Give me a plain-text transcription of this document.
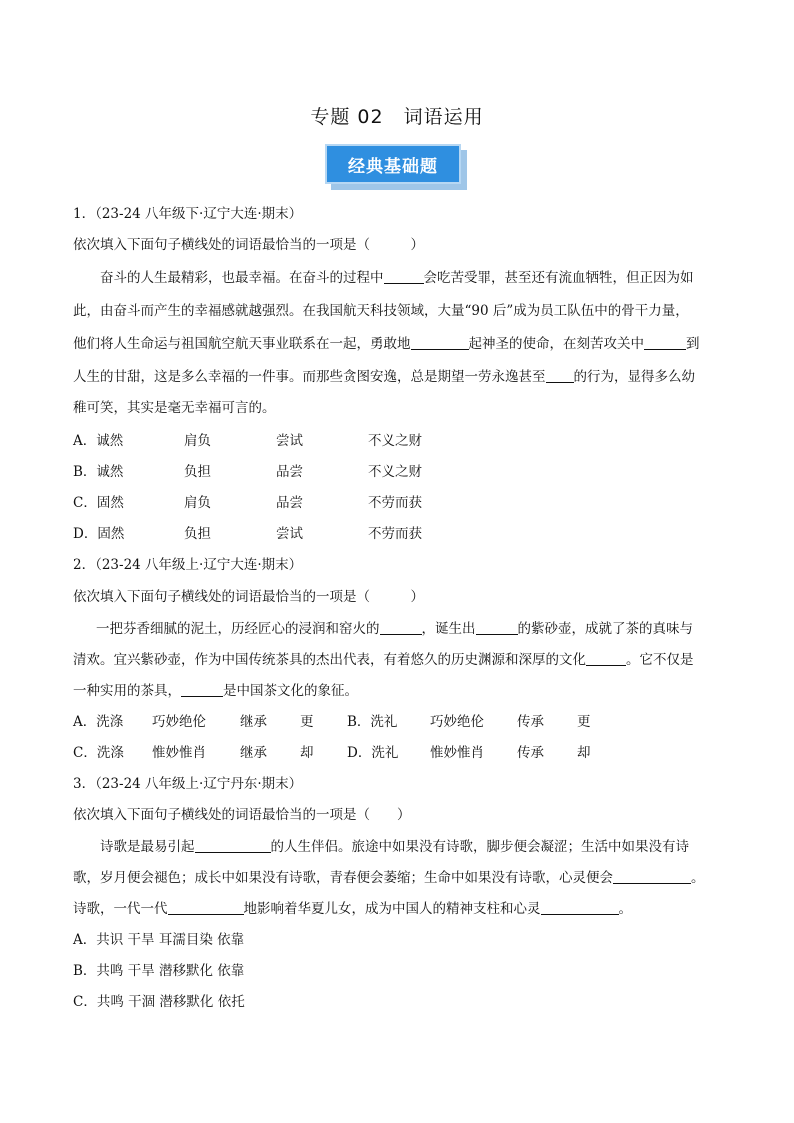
专题 02　词语运用
经典基础题
1．（23-24 八年级下·辽宁大连·期末）
依次填入下面句子横线处的词语最恰当的一项是（　　　）
奋斗的人生最精彩，也最幸福。在奋斗的过程中	会吃苦受罪，甚至还有流血牺牲，但正因为如
此，由奋斗而产生的幸福感就越强烈。在我国航天科技领域，大量“90 后”成为员工队伍中的骨干力量，
他们将人生命运与祖国航空航天事业联系在一起，勇敢地	起神圣的使命，在刻苦攻关中	到
人生的甘甜，这是多么幸福的一件事。而那些贪图安逸，总是期望一劳永逸甚至 的行为，显得多么幼
稚可笑，其实是毫无幸福可言的。
A．诚然	肩负	尝试	不义之财
B．诚然	负担	品尝	不义之财
C．固然	肩负	品尝	不劳而获
D．固然	负担	尝试	不劳而获
2．（23-24 八年级上·辽宁大连·期末）
依次填入下面句子横线处的词语最恰当的一项是（　　　）
一把芬香细腻的泥土，历经匠心的浸润和窑火的	，诞生出	的紫砂壶，成就了茶的真味与
清欢。宜兴紫砂壶，作为中国传统茶具的杰出代表，有着悠久的历史渊源和深厚的文化	。它不仅是
一种实用的茶具，	是中国茶文化的象征。
A．洗涤 巧妙绝伦	继承 更 B．洗礼 巧妙绝伦 传承 更
C．洗涤 惟妙惟肖	继承 却 D．洗礼 惟妙惟肖 传承 却
3．（23-24 八年级上·辽宁丹东·期末）
依次填入下面句子横线处的词语最恰当的一项是（　　）
诗歌是最易引起	的人生伴侣。旅途中如果没有诗歌，脚步便会凝涩；生活中如果没有诗
歌，岁月便会褪色；成长中如果没有诗歌，青春便会萎缩；生命中如果没有诗歌，心灵便会	。
诗歌，一代一代	地影响着华夏儿女，成为中国人的精神支柱和心灵	。
A．共识 干旱 耳濡目染 依靠
B．共鸣 干旱 潜移默化 依靠
C．共鸣 干涸 潜移默化 依托
